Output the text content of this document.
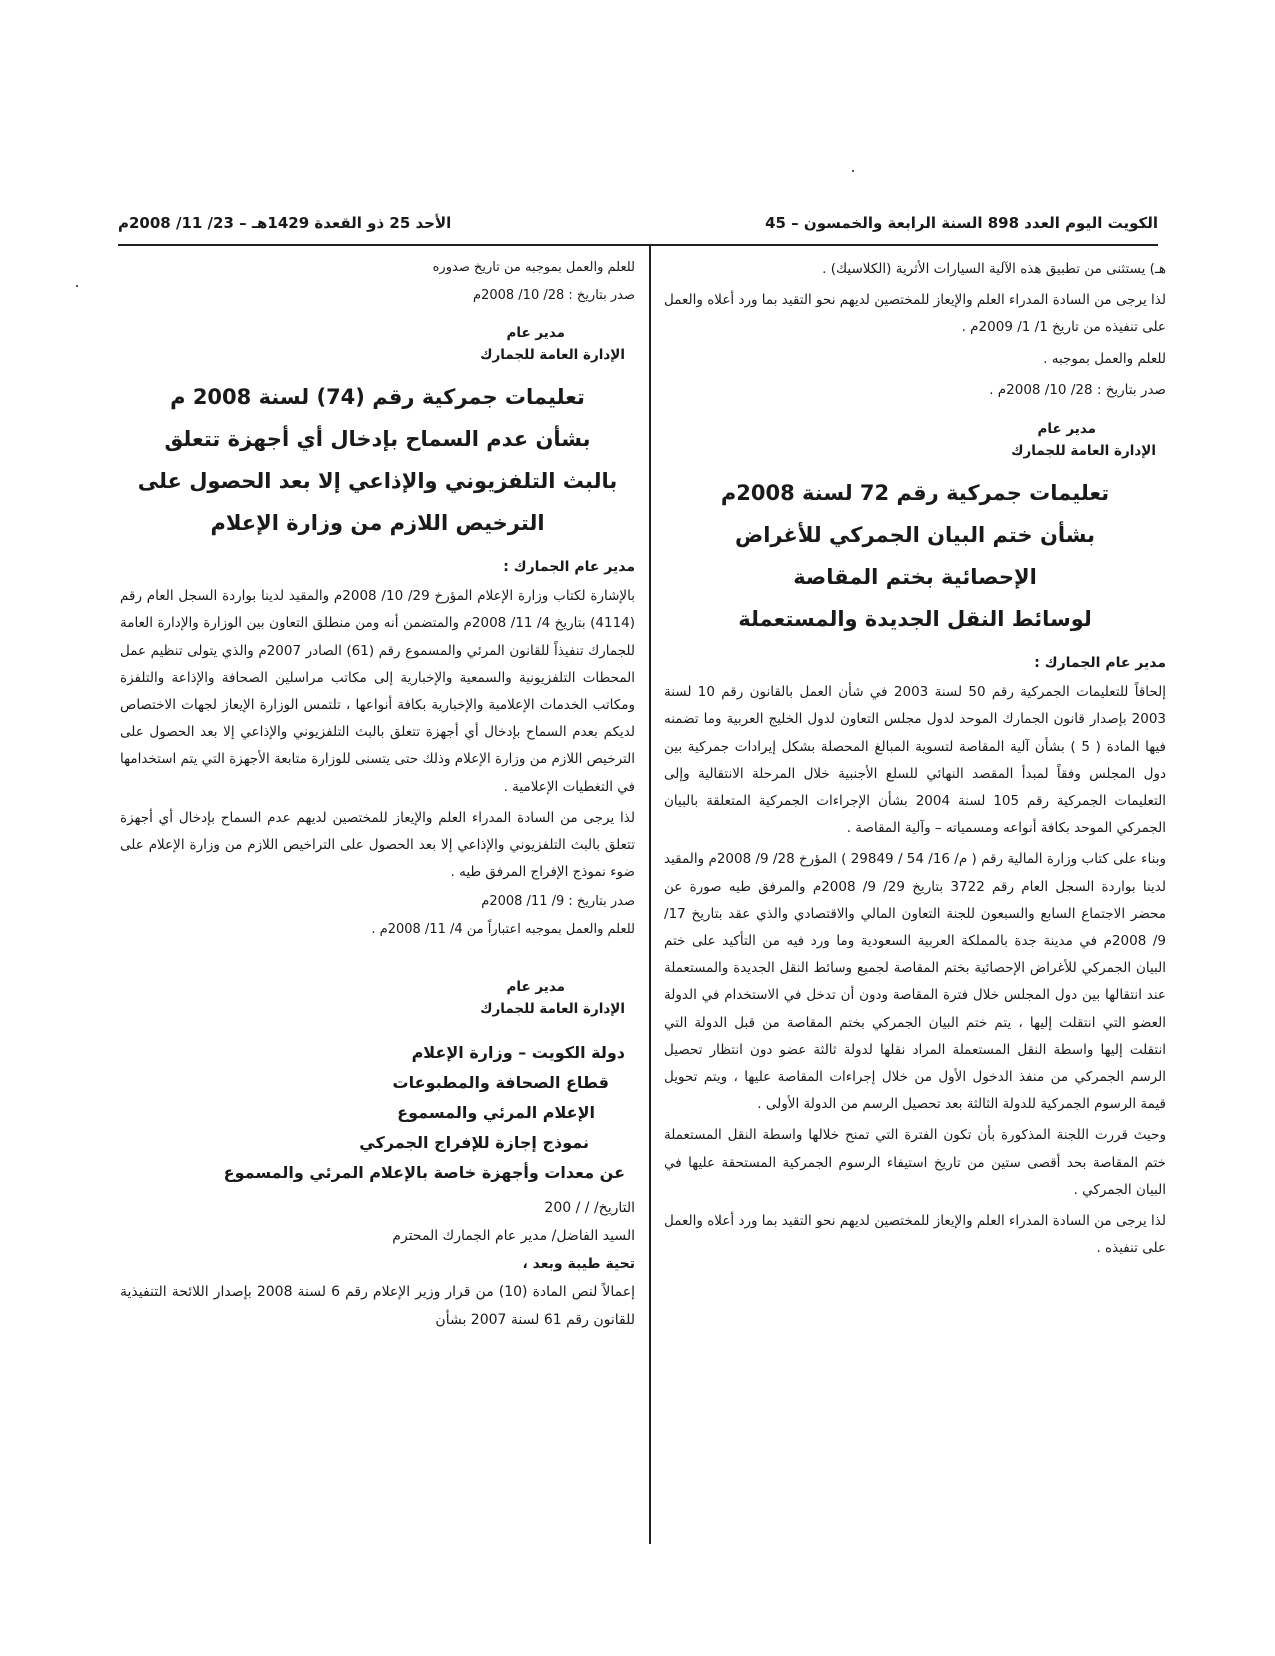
الكويت اليوم العدد 898 السنة الرابعة والخمسون – 45
الأحد 25 ذو القعدة 1429هـ – 23/ 11/ 2008م

هـ) يستثنى من تطبيق هذه الآلية السيارات الأثرية (الكلاسيك) .

لذا يرجى من السادة المدراء العلم والإيعاز للمختصين لديهم نحو التقيد بما ورد أعلاه والعمل على تنفيذه من تاريخ 1/ 1/ 2009م .

للعلم والعمل بموجبه .

صدر بتاريخ : 28/ 10/ 2008م .

مدير عام
الإدارة العامة للجمارك
تعليمات جمركية رقم 72 لسنة 2008م
بشأن ختم البيان الجمركي للأغراض
الإحصائية بختم المقاصة
لوسائط النقل الجديدة والمستعملة
مدير عام الجمارك :

إلحاقاً للتعليمات الجمركية رقم 50 لسنة 2003 في شأن العمل بالقانون رقم 10 لسنة 2003 بإصدار قانون الجمارك الموحد لدول مجلس التعاون لدول الخليج العربية وما تضمنه فيها المادة ( 5 ) بشأن آلية المقاصة لتسوية المبالغ المحصلة بشكل إيرادات جمركية بين دول المجلس وفقاً لمبدأ المقصد النهائي للسلع الأجنبية خلال المرحلة الانتقالية وإلى التعليمات الجمركية رقم 105 لسنة 2004 بشأن الإجراءات الجمركية المتعلقة بالبيان الجمركي الموحد بكافة أنواعه ومسمياته – وآلية المقاصة .

وبناء على كتاب وزارة المالية رقم ( م/ 16/ 54 / 29849 ) المؤرخ 28/ 9/ 2008م والمقيد لدينا بواردة السجل العام رقم 3722 بتاريخ 29/ 9/ 2008م والمرفق طيه صورة عن محضر الاجتماع السابع والسبعون للجنة التعاون المالي والاقتصادي والذي عقد بتاريخ 17/ 9/ 2008م في مدينة جدة بالمملكة العربية السعودية وما ورد فيه من التأكيد على ختم البيان الجمركي للأغراض الإحصائية بختم المقاصة لجميع وسائط النقل الجديدة والمستعملة عند انتقالها بين دول المجلس خلال فترة المقاصة ودون أن تدخل في الاستخدام في الدولة العضو التي انتقلت إليها ، يتم ختم البيان الجمركي بختم المقاصة من قبل الدولة التي انتقلت إليها واسطة النقل المستعملة المراد نقلها لدولة ثالثة عضو دون انتظار تحصيل الرسم الجمركي من منفذ الدخول الأول من خلال إجراءات المقاصة عليها ، ويتم تحويل قيمة الرسوم الجمركية للدولة الثالثة بعد تحصيل الرسم من الدولة الأولى .

وحيث قررت اللجنة المذكورة بأن تكون الفترة التي تمنح خلالها واسطة النقل المستعملة ختم المقاصة بحد أقصى ستين من تاريخ استيفاء الرسوم الجمركية المستحقة عليها في البيان الجمركي .

لذا يرجى من السادة المدراء العلم والإيعاز للمختصين لديهم نحو التقيد بما ورد أعلاه والعمل على تنفيذه .

للعلم والعمل بموجبه من تاريخ صدوره

صدر بتاريخ : 28/ 10/ 2008م

مدير عام
الإدارة العامة للجمارك
تعليمات جمركية رقم (74) لسنة 2008 م
بشأن عدم السماح بإدخال أي أجهزة تتعلق
بالبث التلفزيوني والإذاعي إلا بعد الحصول على
الترخيص اللازم من وزارة الإعلام
مدير عام الجمارك :

بالإشارة لكتاب وزارة الإعلام المؤرخ 29/ 10/ 2008م والمقيد لدينا بواردة السجل العام رقم (4114) بتاريخ 4/ 11/ 2008م والمتضمن أنه ومن منطلق التعاون بين الوزارة والإدارة العامة للجمارك تنفيذاً للقانون المرئي والمسموع رقم (61) الصادر 2007م والذي يتولى تنظيم عمل المحطات التلفزيونية والسمعية والإخبارية إلى مكاتب مراسلين الصحافة والإذاعة والتلفزة ومكاتب الخدمات الإعلامية والإخبارية بكافة أنواعها ، تلتمس الوزارة الإيعاز لجهات الاختصاص لديكم بعدم السماح بإدخال أي أجهزة تتعلق بالبث التلفزيوني والإذاعي إلا بعد الحصول على الترخيص اللازم من وزارة الإعلام وذلك حتى يتسنى للوزارة متابعة الأجهزة التي يتم استخدامها في التغطيات الإعلامية .

لذا يرجى من السادة المدراء العلم والإيعاز للمختصين لديهم عدم السماح بإدخال أي أجهزة تتعلق بالبث التلفزيوني والإذاعي إلا بعد الحصول على التراخيص اللازم من وزارة الإعلام على ضوء نموذج الإفراج المرفق طيه .

صدر بتاريخ : 9/ 11/ 2008م

للعلم والعمل بموجبه اعتباراً من 4/ 11/ 2008م .

مدير عام
الإدارة العامة للجمارك
دولة الكويت – وزارة الإعلام
قطاع الصحافة والمطبوعات
الإعلام المرئي والمسموع
نموذج إجازة للإفراج الجمركي
عن معدات وأجهزة خاصة بالإعلام المرئي والمسموع
التاريخ/ / / 200
السيد الفاضل/ مدير عام الجمارك المحترم
تحية طيبة وبعد ،
إعمالاً لنص المادة (10) من قرار وزير الإعلام رقم 6 لسنة 2008 بإصدار اللائحة التنفيذية للقانون رقم 61 لسنة 2007 بشأن
